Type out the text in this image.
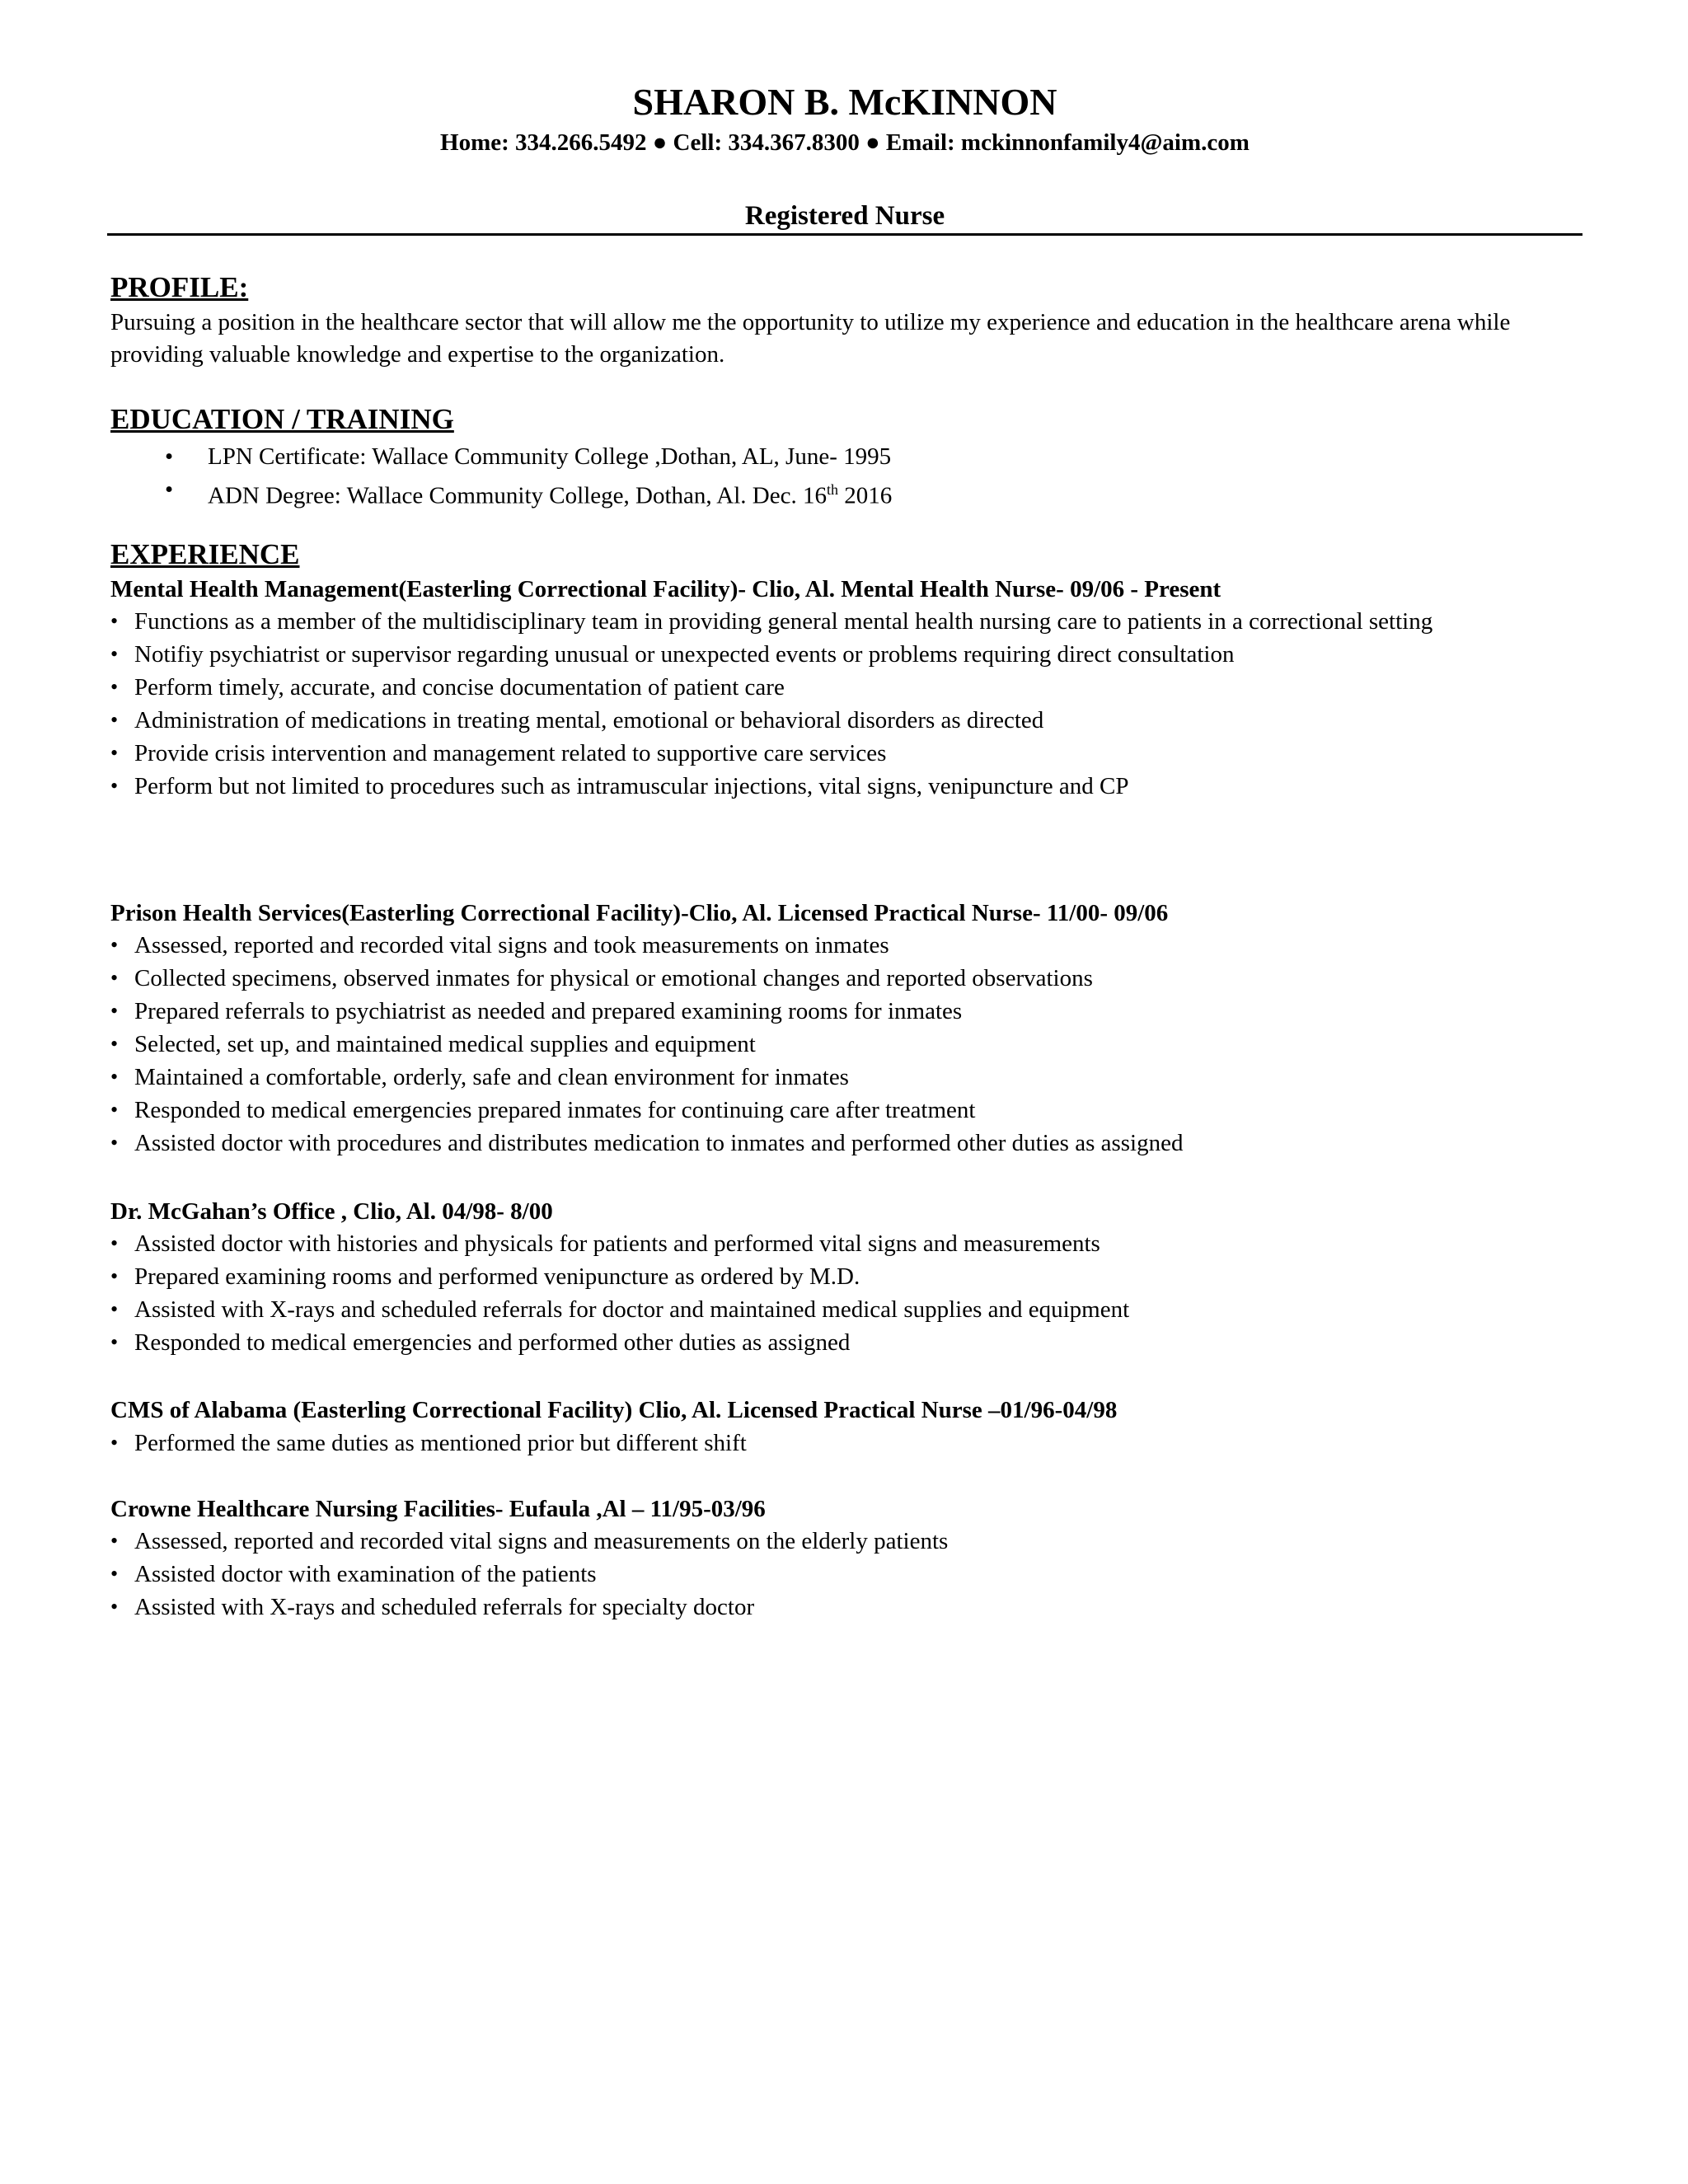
SHARON B. McKINNON
Home: 334.266.5492 ● Cell: 334.367.8300 ● Email: mckinnonfamily4@aim.com
Registered Nurse
PROFILE:
Pursuing a position in the healthcare sector that will allow me the opportunity to utilize my experience and education in the healthcare arena while providing valuable knowledge and expertise to the organization.
EDUCATION / TRAINING
• LPN Certificate: Wallace Community College ,Dothan, AL, June- 1995
• ADN Degree: Wallace Community College, Dothan, Al. Dec. 16th 2016
EXPERIENCE
Mental Health Management(Easterling Correctional Facility)- Clio, Al. Mental Health Nurse- 09/06 - Present
• Functions as a member of the multidisciplinary team in providing general mental health nursing care to patients in a correctional setting
• Notifiy psychiatrist or supervisor regarding unusual or unexpected events or problems requiring direct consultation
• Perform timely, accurate, and concise documentation of patient care
• Administration of medications in treating mental, emotional or behavioral disorders as directed
• Provide crisis intervention and management related to supportive care services
• Perform but not limited to procedures such as intramuscular injections, vital signs, venipuncture and CP
Prison Health Services(Easterling Correctional Facility)-Clio, Al. Licensed Practical Nurse- 11/00- 09/06
• Assessed, reported and recorded vital signs and took measurements on inmates
• Collected specimens, observed inmates for physical or emotional changes and reported observations
• Prepared referrals to psychiatrist as needed and prepared examining rooms for inmates
• Selected, set up, and maintained medical supplies and equipment
• Maintained a comfortable, orderly, safe and clean environment for inmates
• Responded to medical emergencies prepared inmates for continuing care after treatment
• Assisted doctor with procedures and distributes medication to inmates and performed other duties as assigned
Dr. McGahan’s Office , Clio, Al. 04/98- 8/00
• Assisted doctor with histories and physicals for patients and performed vital signs and measurements
• Prepared examining rooms and performed venipuncture as ordered by M.D.
• Assisted with X-rays and scheduled referrals for doctor and maintained medical supplies and equipment
• Responded to medical emergencies and performed other duties as assigned
CMS of Alabama (Easterling Correctional Facility) Clio, Al. Licensed Practical Nurse –01/96-04/98
• Performed the same duties as mentioned prior but different shift
Crowne Healthcare Nursing Facilities- Eufaula ,Al – 11/95-03/96
• Assessed, reported and recorded vital signs and measurements on the elderly patients
• Assisted doctor with examination of the patients
• Assisted with X-rays and scheduled referrals for specialty doctor
